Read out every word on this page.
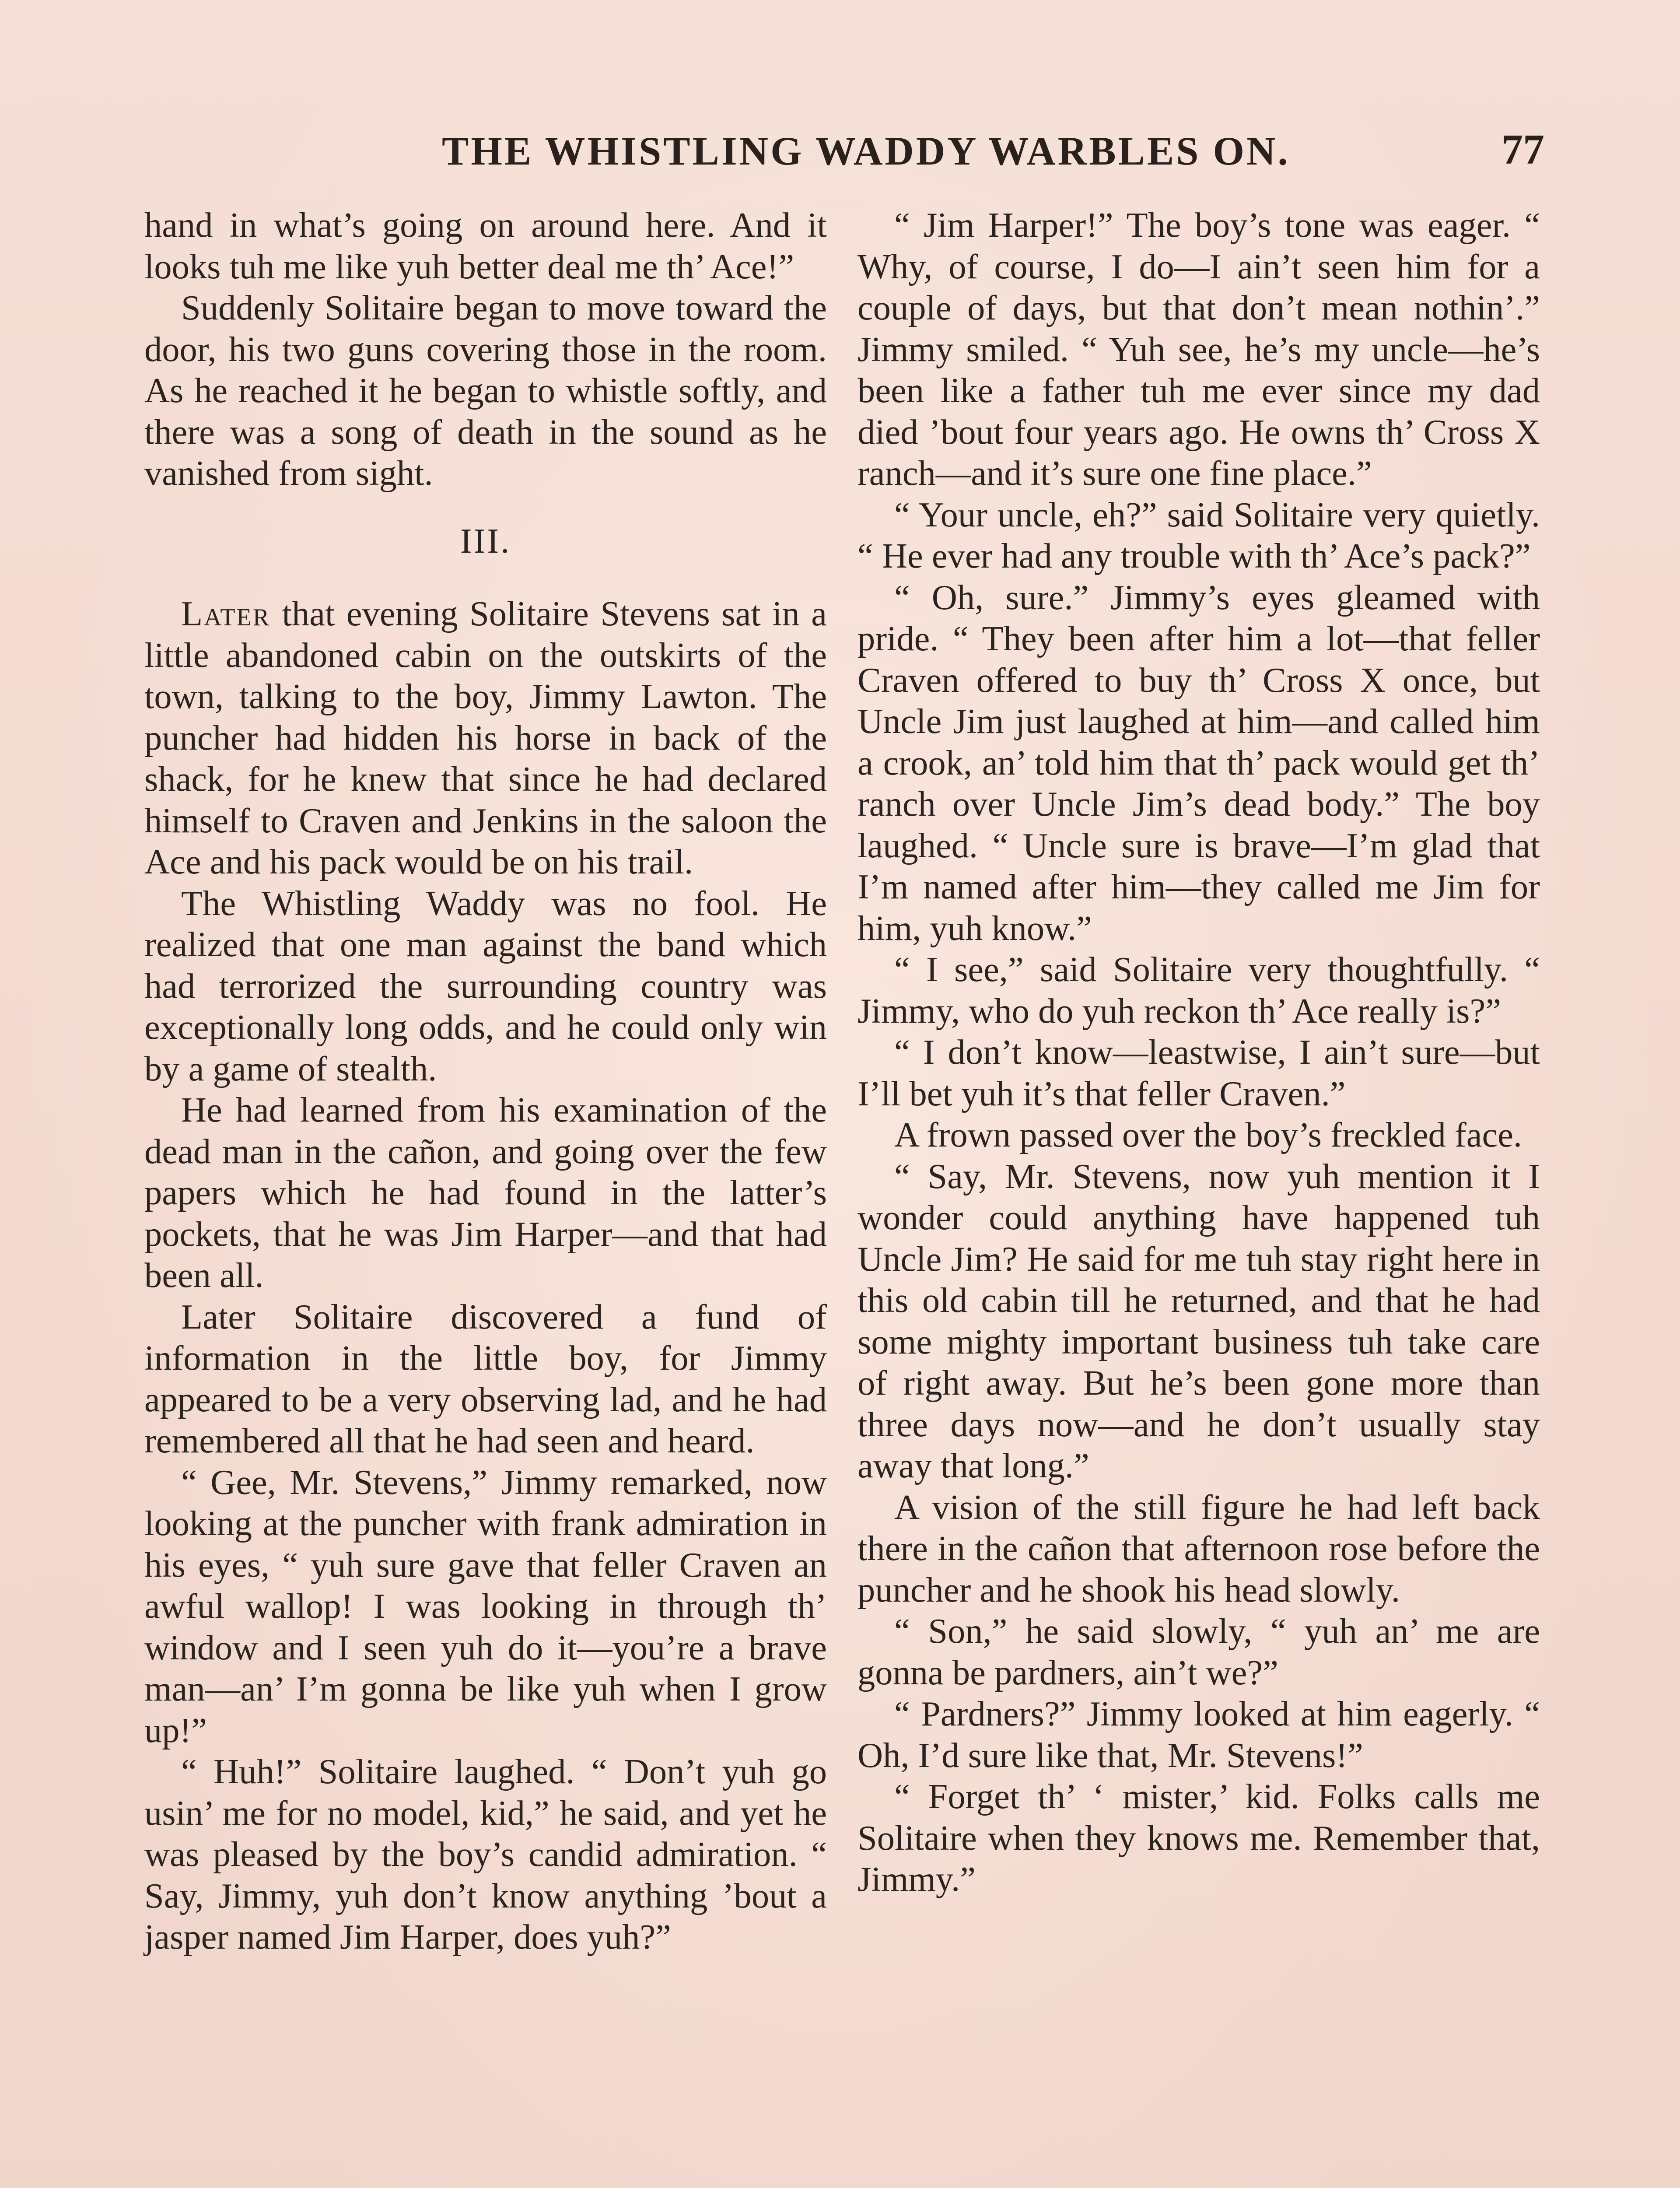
THE WHISTLING WADDY WARBLES ON.	77

hand in what’s going on around here. And it looks tuh me like yuh better deal me th’ Ace!”

Suddenly Solitaire began to move toward the door, his two guns covering those in the room. As he reached it he began to whistle softly, and there was a song of death in the sound as he vanished from sight.

III.

Later that evening Solitaire Stevens sat in a little abandoned cabin on the outskirts of the town, talking to the boy, Jimmy Lawton. The puncher had hidden his horse in back of the shack, for he knew that since he had declared himself to Craven and Jenkins in the saloon the Ace and his pack would be on his trail.

The Whistling Waddy was no fool. He realized that one man against the band which had terrorized the surrounding country was exceptionally long odds, and he could only win by a game of stealth.

He had learned from his examination of the dead man in the cañon, and going over the few papers which he had found in the latter’s pockets, that he was Jim Harper—and that had been all.

Later Solitaire discovered a fund of information in the little boy, for Jimmy appeared to be a very observing lad, and he had remembered all that he had seen and heard.

“ Gee, Mr. Stevens,” Jimmy remarked, now looking at the puncher with frank admiration in his eyes, “ yuh sure gave that feller Craven an awful wallop! I was looking in through th’ window and I seen yuh do it—you’re a brave man—an’ I’m gonna be like yuh when I grow up!”

“ Huh!” Solitaire laughed. “ Don’t yuh go usin’ me for no model, kid,” he said, and yet he was pleased by the boy’s candid admiration. “ Say, Jimmy, yuh don’t know anything ’bout a jasper named Jim Harper, does yuh?”

“ Jim Harper!” The boy’s tone was eager. “ Why, of course, I do—I ain’t seen him for a couple of days, but that don’t mean nothin’.” Jimmy smiled. “ Yuh see, he’s my uncle—he’s been like a father tuh me ever since my dad died ’bout four years ago. He owns th’ Cross X ranch—and it’s sure one fine place.”

“ Your uncle, eh?” said Solitaire very quietly. “ He ever had any trouble with th’ Ace’s pack?”

“ Oh, sure.” Jimmy’s eyes gleamed with pride. “ They been after him a lot—that feller Craven offered to buy th’ Cross X once, but Uncle Jim just laughed at him—and called him a crook, an’ told him that th’ pack would get th’ ranch over Uncle Jim’s dead body.” The boy laughed. “ Uncle sure is brave—I’m glad that I’m named after him—they called me Jim for him, yuh know.”

“ I see,” said Solitaire very thoughtfully. “ Jimmy, who do yuh reckon th’ Ace really is?”

“ I don’t know—leastwise, I ain’t sure—but I’ll bet yuh it’s that feller Craven.”

A frown passed over the boy’s freckled face.

“ Say, Mr. Stevens, now yuh mention it I wonder could anything have happened tuh Uncle Jim? He said for me tuh stay right here in this old cabin till he returned, and that he had some mighty important business tuh take care of right away. But he’s been gone more than three days now—and he don’t usually stay away that long.”

A vision of the still figure he had left back there in the cañon that afternoon rose before the puncher and he shook his head slowly.

“ Son,” he said slowly, “ yuh an’ me are gonna be pardners, ain’t we?”

“ Pardners?” Jimmy looked at him eagerly. “ Oh, I’d sure like that, Mr. Stevens!”

“ Forget th’ ‘ mister,’ kid. Folks calls me Solitaire when they knows me. Remember that, Jimmy.”
